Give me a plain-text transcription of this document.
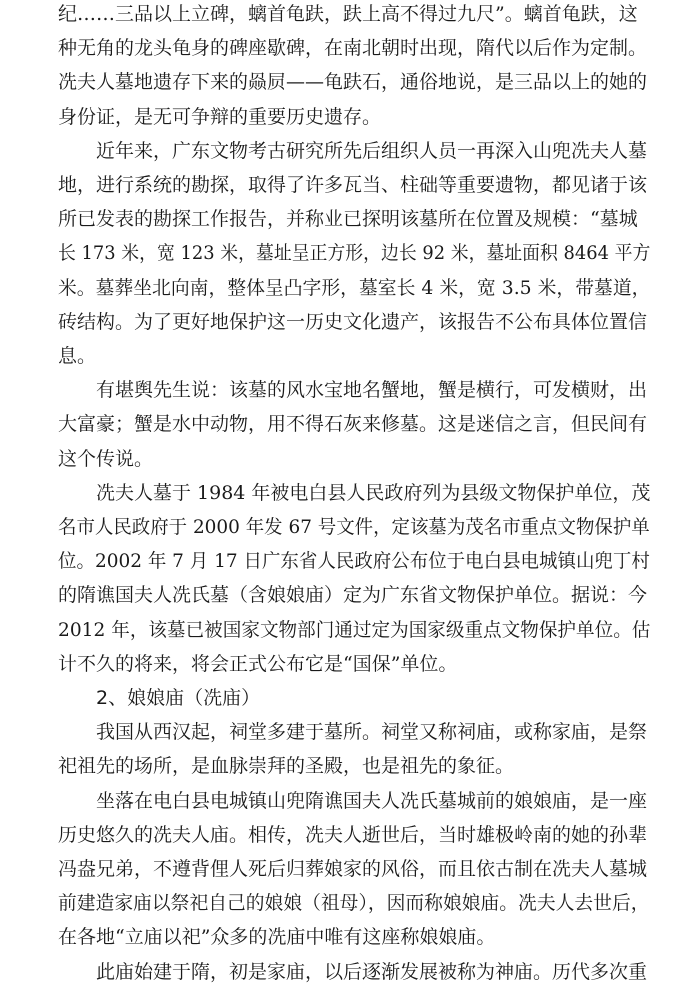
纪……三品以上立碑，螭首龟趺，趺上高不得过九尺”。螭首龟趺，这
种无角的龙头龟身的碑座歇碑，在南北朝时出现，隋代以后作为定制。
冼夫人墓地遗存下来的赑屃——龟趺石，通俗地说，是三品以上的她的
身份证，是无可争辩的重要历史遗存。
　　近年来，广东文物考古研究所先后组织人员一再深入山兜冼夫人墓
地，进行系统的勘探，取得了许多瓦当、柱础等重要遗物，都见诸于该
所已发表的勘探工作报告，并称业已探明该墓所在位置及规模：“墓城
长 173 米，宽 123 米，墓址呈正方形，边长 92 米，墓址面积 8464 平方
米。墓葬坐北向南，整体呈凸字形，墓室长 4 米，宽 3.5 米，带墓道，
砖结构。为了更好地保护这一历史文化遗产，该报告不公布具体位置信
息。
　　有堪舆先生说：该墓的风水宝地名蟹地，蟹是横行，可发横财，出
大富豪；蟹是水中动物，用不得石灰来修墓。这是迷信之言，但民间有
这个传说。
　　冼夫人墓于 1984 年被电白县人民政府列为县级文物保护单位，茂
名市人民政府于 2000 年发 67 号文件，定该墓为茂名市重点文物保护单
位。2002 年 7 月 17 日广东省人民政府公布位于电白县电城镇山兜丁村
的隋谯国夫人冼氏墓（含娘娘庙）定为广东省文物保护单位。据说：今
2012 年，该墓已被国家文物部门通过定为国家级重点文物保护单位。估
计不久的将来，将会正式公布它是“国保”单位。
　　2、娘娘庙（冼庙）
　　我国从西汉起，祠堂多建于墓所。祠堂又称祠庙，或称家庙，是祭
祀祖先的场所，是血脉崇拜的圣殿，也是祖先的象征。
　　坐落在电白县电城镇山兜隋谯国夫人冼氏墓城前的娘娘庙，是一座
历史悠久的冼夫人庙。相传，冼夫人逝世后，当时雄极岭南的她的孙辈
冯盎兄弟，不遵背俚人死后归葬娘家的风俗，而且依古制在冼夫人墓城
前建造家庙以祭祀自己的娘娘（祖母），因而称娘娘庙。冼夫人去世后，
在各地“立庙以祀”众多的冼庙中唯有这座称娘娘庙。
　　此庙始建于隋，初是家庙，以后逐渐发展被称为神庙。历代多次重
